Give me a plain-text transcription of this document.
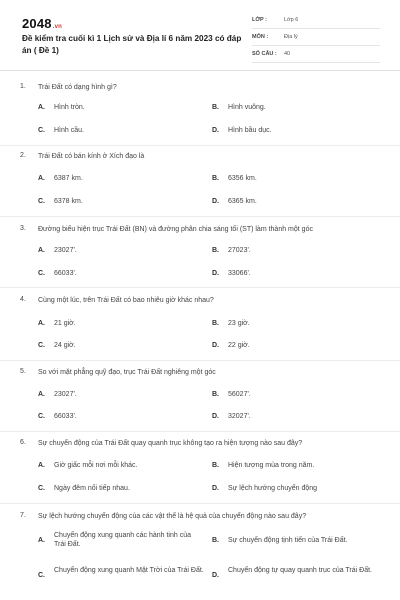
2048.vn
Đề kiểm tra cuối kì 1 Lịch sử và Địa lí 6 năm 2023 có đáp án ( Đề 1)
LỚP :	Lớp 6
MÔN :	Địa lý
SỐ CÂU : 40
1. Trái Đất có dạng hình gì?
A. Hình tròn.	B. Hình vuông.
C. Hình cầu.	D. Hình bầu dục.
2. Trái Đất có bán kính ở Xích đạo là
A. 6387 km.	B. 6356 km.
C. 6378 km.	D. 6365 km.
3. Đường biểu hiện trục Trái Đất (BN) và đường phân chia sáng tối (ST) làm thành một góc
A. 23027'.	B. 27023'.
C. 66033'.	D. 33066'.
4. Cùng một lúc, trên Trái Đất có bao nhiêu giờ khác nhau?
A. 21 giờ.	B. 23 giờ.
C. 24 giờ.	D. 22 giờ.
5. So với mặt phẳng quỹ đạo, trục Trái Đất nghiêng một góc
A. 23027'.	B. 56027'.
C. 66033'.	D. 32027'.
6. Sự chuyển động của Trái Đất quay quanh trục không tạo ra hiện tượng nào sau đây?
A. Giờ giấc mỗi nơi mỗi khác.	B. Hiện tượng mùa trong năm.
C. Ngày đêm nối tiếp nhau.	D. Sự lệch hướng chuyển động
7. Sự lệch hướng chuyển động của các vật thể là hệ quả của chuyển động nào sau đây?
A.
Chuyển động xung quanh các hành tinh của Trái Đất.
B. Sự chuyển động tịnh tiến của Trái Đất.
C.
Chuyển động xung quanh Mặt Trời của Trái Đất.
D.
Chuyển động tự quay quanh trục của Trái Đất.
